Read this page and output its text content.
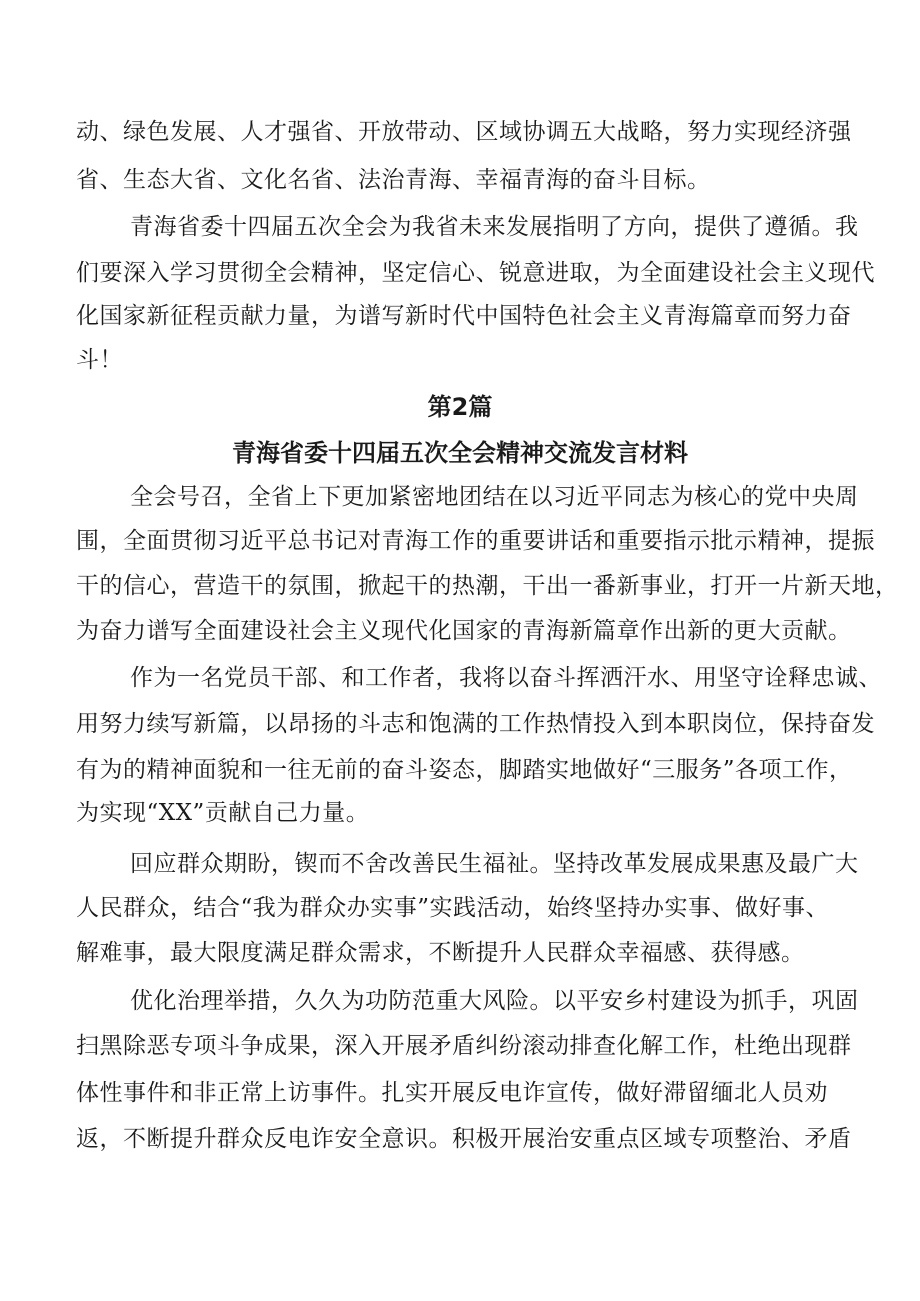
动、绿色发展、人才强省、开放带动、区域协调五大战略，努力实现经济强
省、生态大省、文化名省、法治青海、幸福青海的奋斗目标。
青海省委十四届五次全会为我省未来发展指明了方向，提供了遵循。我
们要深入学习贯彻全会精神，坚定信心、锐意进取，为全面建设社会主义现代
化国家新征程贡献力量，为谱写新时代中国特色社会主义青海篇章而努力奋
斗！
第2篇
青海省委十四届五次全会精神交流发言材料
全会号召，全省上下更加紧密地团结在以习近平同志为核心的党中央周
围，全面贯彻习近平总书记对青海工作的重要讲话和重要指示批示精神，提振
干的信心，营造干的氛围，掀起干的热潮，干出一番新事业，打开一片新天地，
为奋力谱写全面建设社会主义现代化国家的青海新篇章作出新的更大贡献。
作为一名党员干部、和工作者，我将以奋斗挥洒汗水、用坚守诠释忠诚、
用努力续写新篇，以昂扬的斗志和饱满的工作热情投入到本职岗位，保持奋发
有为的精神面貌和一往无前的奋斗姿态，脚踏实地做好“三服务”各项工作，
为实现“XX”贡献自己力量。
回应群众期盼，锲而不舍改善民生福祉。坚持改革发展成果惠及最广大
人民群众，结合“我为群众办实事”实践活动，始终坚持办实事、做好事、
解难事，最大限度满足群众需求，不断提升人民群众幸福感、获得感。
优化治理举措，久久为功防范重大风险。以平安乡村建设为抓手，巩固
扫黑除恶专项斗争成果，深入开展矛盾纠纷滚动排查化解工作，杜绝出现群
体性事件和非正常上访事件。扎实开展反电诈宣传，做好滞留缅北人员劝
返，不断提升群众反电诈安全意识。积极开展治安重点区域专项整治、矛盾
